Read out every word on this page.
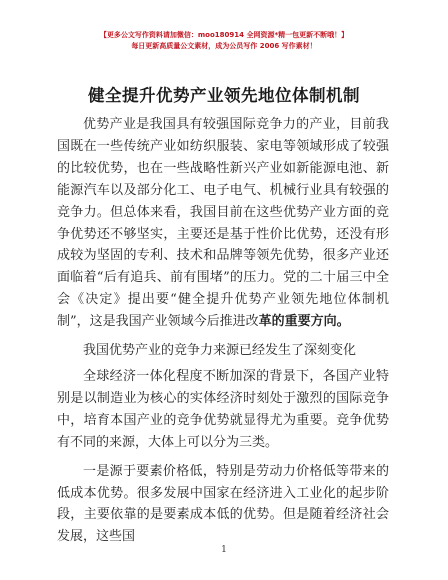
【更多公文写作资料请加微信：moo180914 全网资源*精一包更新不断哦！】
每日更新高质量公文素材，成为公员写作 2006 写作素材！
健全提升优势产业领先地位体制机制

优势产业是我国具有较强国际竞争力的产业，目前我国既在一些传统产业如纺织服装、家电等领域形成了较强的比较优势，也在一些战略性新兴产业如新能源电池、新能源汽车以及部分化工、电子电气、机械行业具有较强的竞争力。但总体来看，我国目前在这些优势产业方面的竞争优势还不够坚实，主要还是基于性价比优势，还没有形成较为坚固的专利、技术和品牌等领先优势，很多产业还面临着“后有追兵、前有围堵”的压力。党的二十届三中全会《决定》提出要“健全提升优势产业领先地位体制机制”，这是我国产业领域今后推进改革的重要方向。

我国优势产业的竞争力来源已经发生了深刻变化

全球经济一体化程度不断加深的背景下，各国产业特别是以制造业为核心的实体经济时刻处于激烈的国际竞争中，培育本国产业的竞争优势就显得尤为重要。竞争优势有不同的来源，大体上可以分为三类。

一是源于要素价格低，特别是劳动力价格低等带来的低成本优势。很多发展中国家在经济进入工业化的起步阶段，主要依靠的是要素成本低的优势。但是随着经济社会发展，这些国

1
